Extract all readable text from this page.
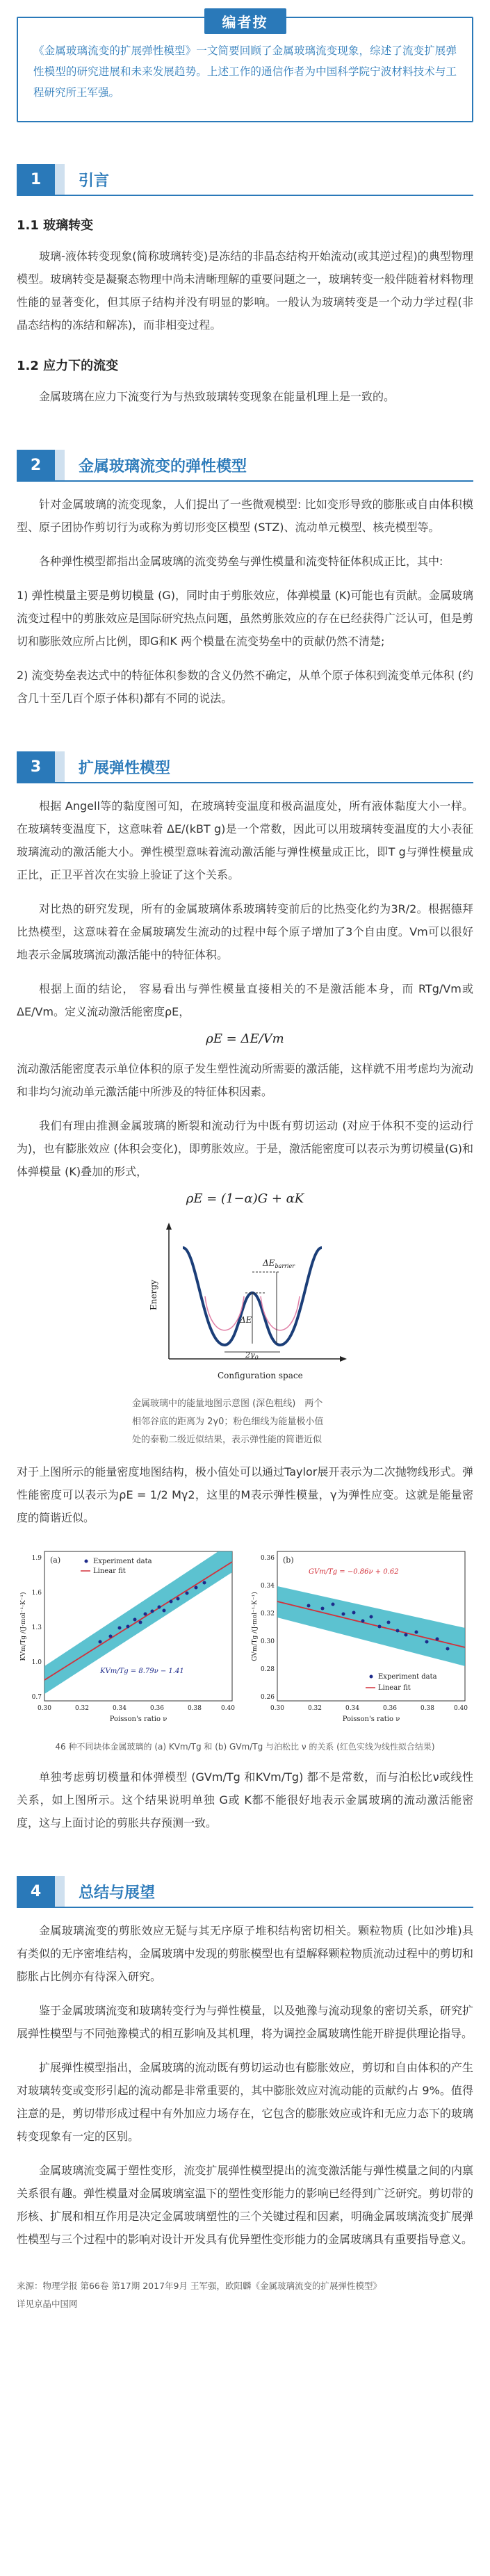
编者按
《金属玻璃流变的扩展弹性模型》一文简要回顾了金属玻璃流变现象，综述了流变扩展弹性模型的研究进展和未来发展趋势。上述工作的通信作者为中国科学院宁波材料技术与工程研究所王军强。
1	引言
1.1 玻璃转变
玻璃-液体转变现象(简称玻璃转变)是冻结的非晶态结构开始流动(或其逆过程)的典型物理模型。玻璃转变是凝聚态物理中尚未清晰理解的重要问题之一，玻璃转变一般伴随着材料物理性能的显著变化，但其原子结构并没有明显的影响。一般认为玻璃转变是一个动力学过程(非晶态结构的冻结和解冻)，而非相变过程。
1.2 应力下的流变
金属玻璃在应力下流变行为与热致玻璃转变现象在能量机理上是一致的。
2	金属玻璃流变的弹性模型
针对金属玻璃的流变现象，人们提出了一些微观模型: 比如变形导致的膨胀或自由体积模型、原子团协作剪切行为或称为剪切形变区模型 (STZ)、流动单元模型、核壳模型等。
各种弹性模型都指出金属玻璃的流变势垒与弹性模量和流变特征体积成正比，其中:
1) 弹性模量主要是剪切模量 (G)，同时由于剪胀效应，体弹模量 (K)可能也有贡献。金属玻璃流变过程中的剪胀效应是国际研究热点问题，虽然剪胀效应的存在已经获得广泛认可，但是剪切和膨胀效应所占比例，即G和K 两个模量在流变势垒中的贡献仍然不清楚;
2) 流变势垒表达式中的特征体积参数的含义仍然不确定，从单个原子体积到流变单元体积 (约含几十至几百个原子体积)都有不同的说法。
3	扩展弹性模型
根据 Angell等的黏度图可知，在玻璃转变温度和极高温度处，所有液体黏度大小一样。在玻璃转变温度下，这意味着 ΔE/(kBT g)是一个常数，因此可以用玻璃转变温度的大小表征玻璃流动的激活能大小。弹性模型意味着流动激活能与弹性模量成正比，即T g与弹性模量成正比，正卫平首次在实验上验证了这个关系。
对比热的研究发现，所有的金属玻璃体系玻璃转变前后的比热变化约为3R/2。根据德拜比热模型，这意味着在金属玻璃发生流动的过程中每个原子增加了3个自由度。Vm可以很好地表示金属玻璃流动激活能中的特征体积。
根据上面的结论， 容易看出与弹性模量直接相关的不是激活能本身，而 RTg/Vm或 ΔE/Vm。定义流动激活能密度ρE，
ρE = ΔE/Vm
流动激活能密度表示单位体积的原子发生塑性流动所需要的激活能，这样就不用考虑均为流动和非均匀流动单元激活能中所涉及的特征体积因素。
我们有理由推测金属玻璃的断裂和流动行为中既有剪切运动 (对应于体积不变的运动行为)，也有膨胀效应 (体积会变化)，即剪胀效应。于是，激活能密度可以表示为剪切模量(G)和体弹模量 (K)叠加的形式，
ρE = (1−α)G + αK
Energy
Configuration space
$\Delta E_{barrier}$
ΔE
$2\gamma_0$
金属玻璃中的能量地图示意图 (深色粗线)　两个相邻谷底的距离为 2γ0；粉色细线为能量极小值处的泰勒二级近似结果，表示弹性能的简谐近似
对于上图所示的能量密度地图结构，极小值处可以通过Taylor展开表示为二次抛物线形式。弹性能密度可以表示为ρE = 1/2 Mγ2，这里的M表示弹性模量，γ为弹性应变。这就是能量密度的简谐近似。
(a)	Experiment data
Linear fit
KVm/Tg = 8.79ν − 1.41
0.30	0.32	0.34	0.36	0.38	0.40
0.7
1.0
1.3
1.6
1.9
Poisson's ratio ν
KVm/Tg /(J·mol⁻¹·K⁻¹)
(b)
GVm/Tg = −0.86ν + 0.62
Experiment data
Linear fit
0.30	0.32	0.34	0.36	0.38	0.40
0.26
0.28
0.30
0.32
0.34
0.36
Poisson's ratio ν
GVm/Tg /(J·mol⁻¹·K⁻¹)
46 种不同块体金属玻璃的 (a) KVm/Tg 和 (b) GVm/Tg 与泊松比 ν 的关系 (红色实线为线性拟合结果)
单独考虑剪切模量和体弹模型 (GVm/Tg 和KVm/Tg) 都不是常数，而与泊松比ν或线性关系，如上图所示。这个结果说明单独 G或 K都不能很好地表示金属玻璃的流动激活能密度，这与上面讨论的剪胀共存预测一致。
4	总结与展望
金属玻璃流变的剪胀效应无疑与其无序原子堆积结构密切相关。颗粒物质 (比如沙堆)具有类似的无序密堆结构，金属玻璃中发现的剪胀模型也有望解释颗粒物质流动过程中的剪切和膨胀占比例亦有待深入研究。
鉴于金属玻璃流变和玻璃转变行为与弹性模量，以及弛豫与流动现象的密切关系，研究扩展弹性模型与不同弛豫模式的相互影响及其机理，将为调控金属玻璃性能开辟提供理论指导。
扩展弹性模型指出，金属玻璃的流动既有剪切运动也有膨胀效应，剪切和自由体积的产生对玻璃转变或变形引起的流动都是非常重要的，其中膨胀效应对流动能的贡献约占 9%。值得注意的是，剪切带形成过程中有外加应力场存在，它包含的膨胀效应或许和无应力态下的玻璃转变现象有一定的区别。
金属玻璃流变属于塑性变形，流变扩展弹性模型提出的流变激活能与弹性模量之间的内禀关系很有趣。弹性模量对金属玻璃室温下的塑性变形能力的影响已经得到广泛研究。剪切带的形核、扩展和相互作用是决定金属玻璃塑性的三个关键过程和因素，明确金属玻璃流变扩展弹性模型与三个过程中的影响对设计开发具有优异塑性变形能力的金属玻璃具有重要指导意义。
来源：物理学报 第66卷 第17期 2017年9月 王军强，欧阳麟《金属玻璃流变的扩展弹性模型》
详见京晶中国网
